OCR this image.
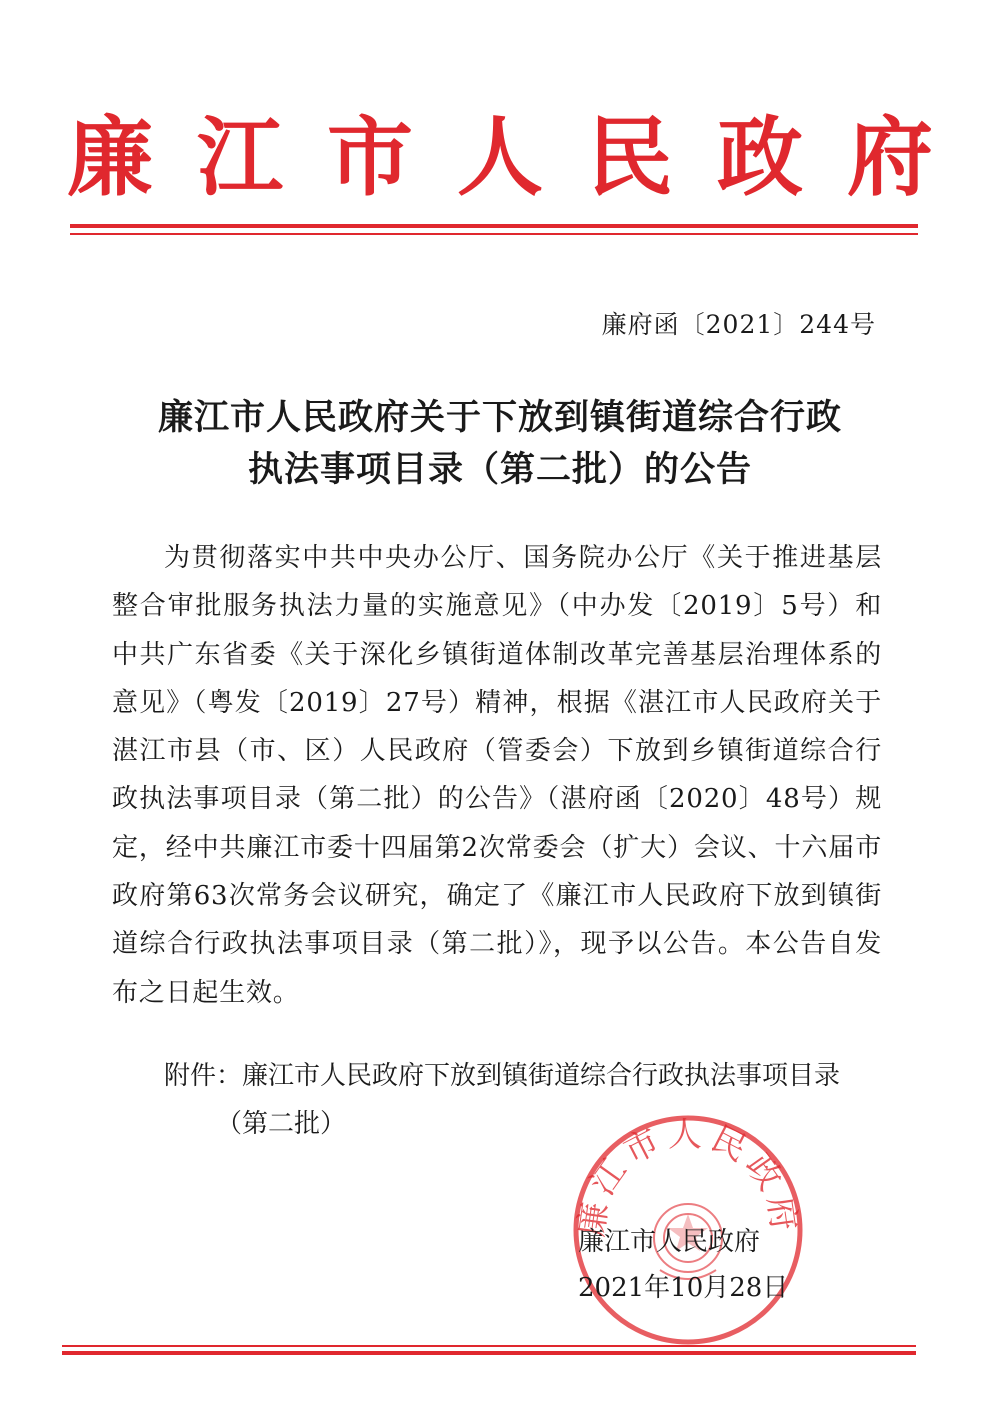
廉江市人民政府
廉府函〔2021〕244号
廉江市人民政府关于下放到镇街道综合行政
执法事项目录（第二批）的公告

为贯彻落实中共中央办公厅、国务院办公厅《关于推进基层整合审批服务执法力量的实施意见》（中办发〔2019〕5号）和中共广东省委《关于深化乡镇街道体制改革完善基层治理体系的意见》（粤发〔2019〕27号）精神，根据《湛江市人民政府关于湛江市县（市、区）人民政府（管委会）下放到乡镇街道综合行政执法事项目录（第二批）的公告》（湛府函〔2020〕48号）规定，经中共廉江市委十四届第2次常委会（扩大）会议、十六届市政府第63次常务会议研究，确定了《廉江市人民政府下放到镇街道综合行政执法事项目录（第二批）》，现予以公告。本公告自发布之日起生效。

附件：廉江市人民政府下放到镇街道综合行政执法事项目录
（第二批）
廉江市人民政府
廉江市人民政府
2021年10月28日
